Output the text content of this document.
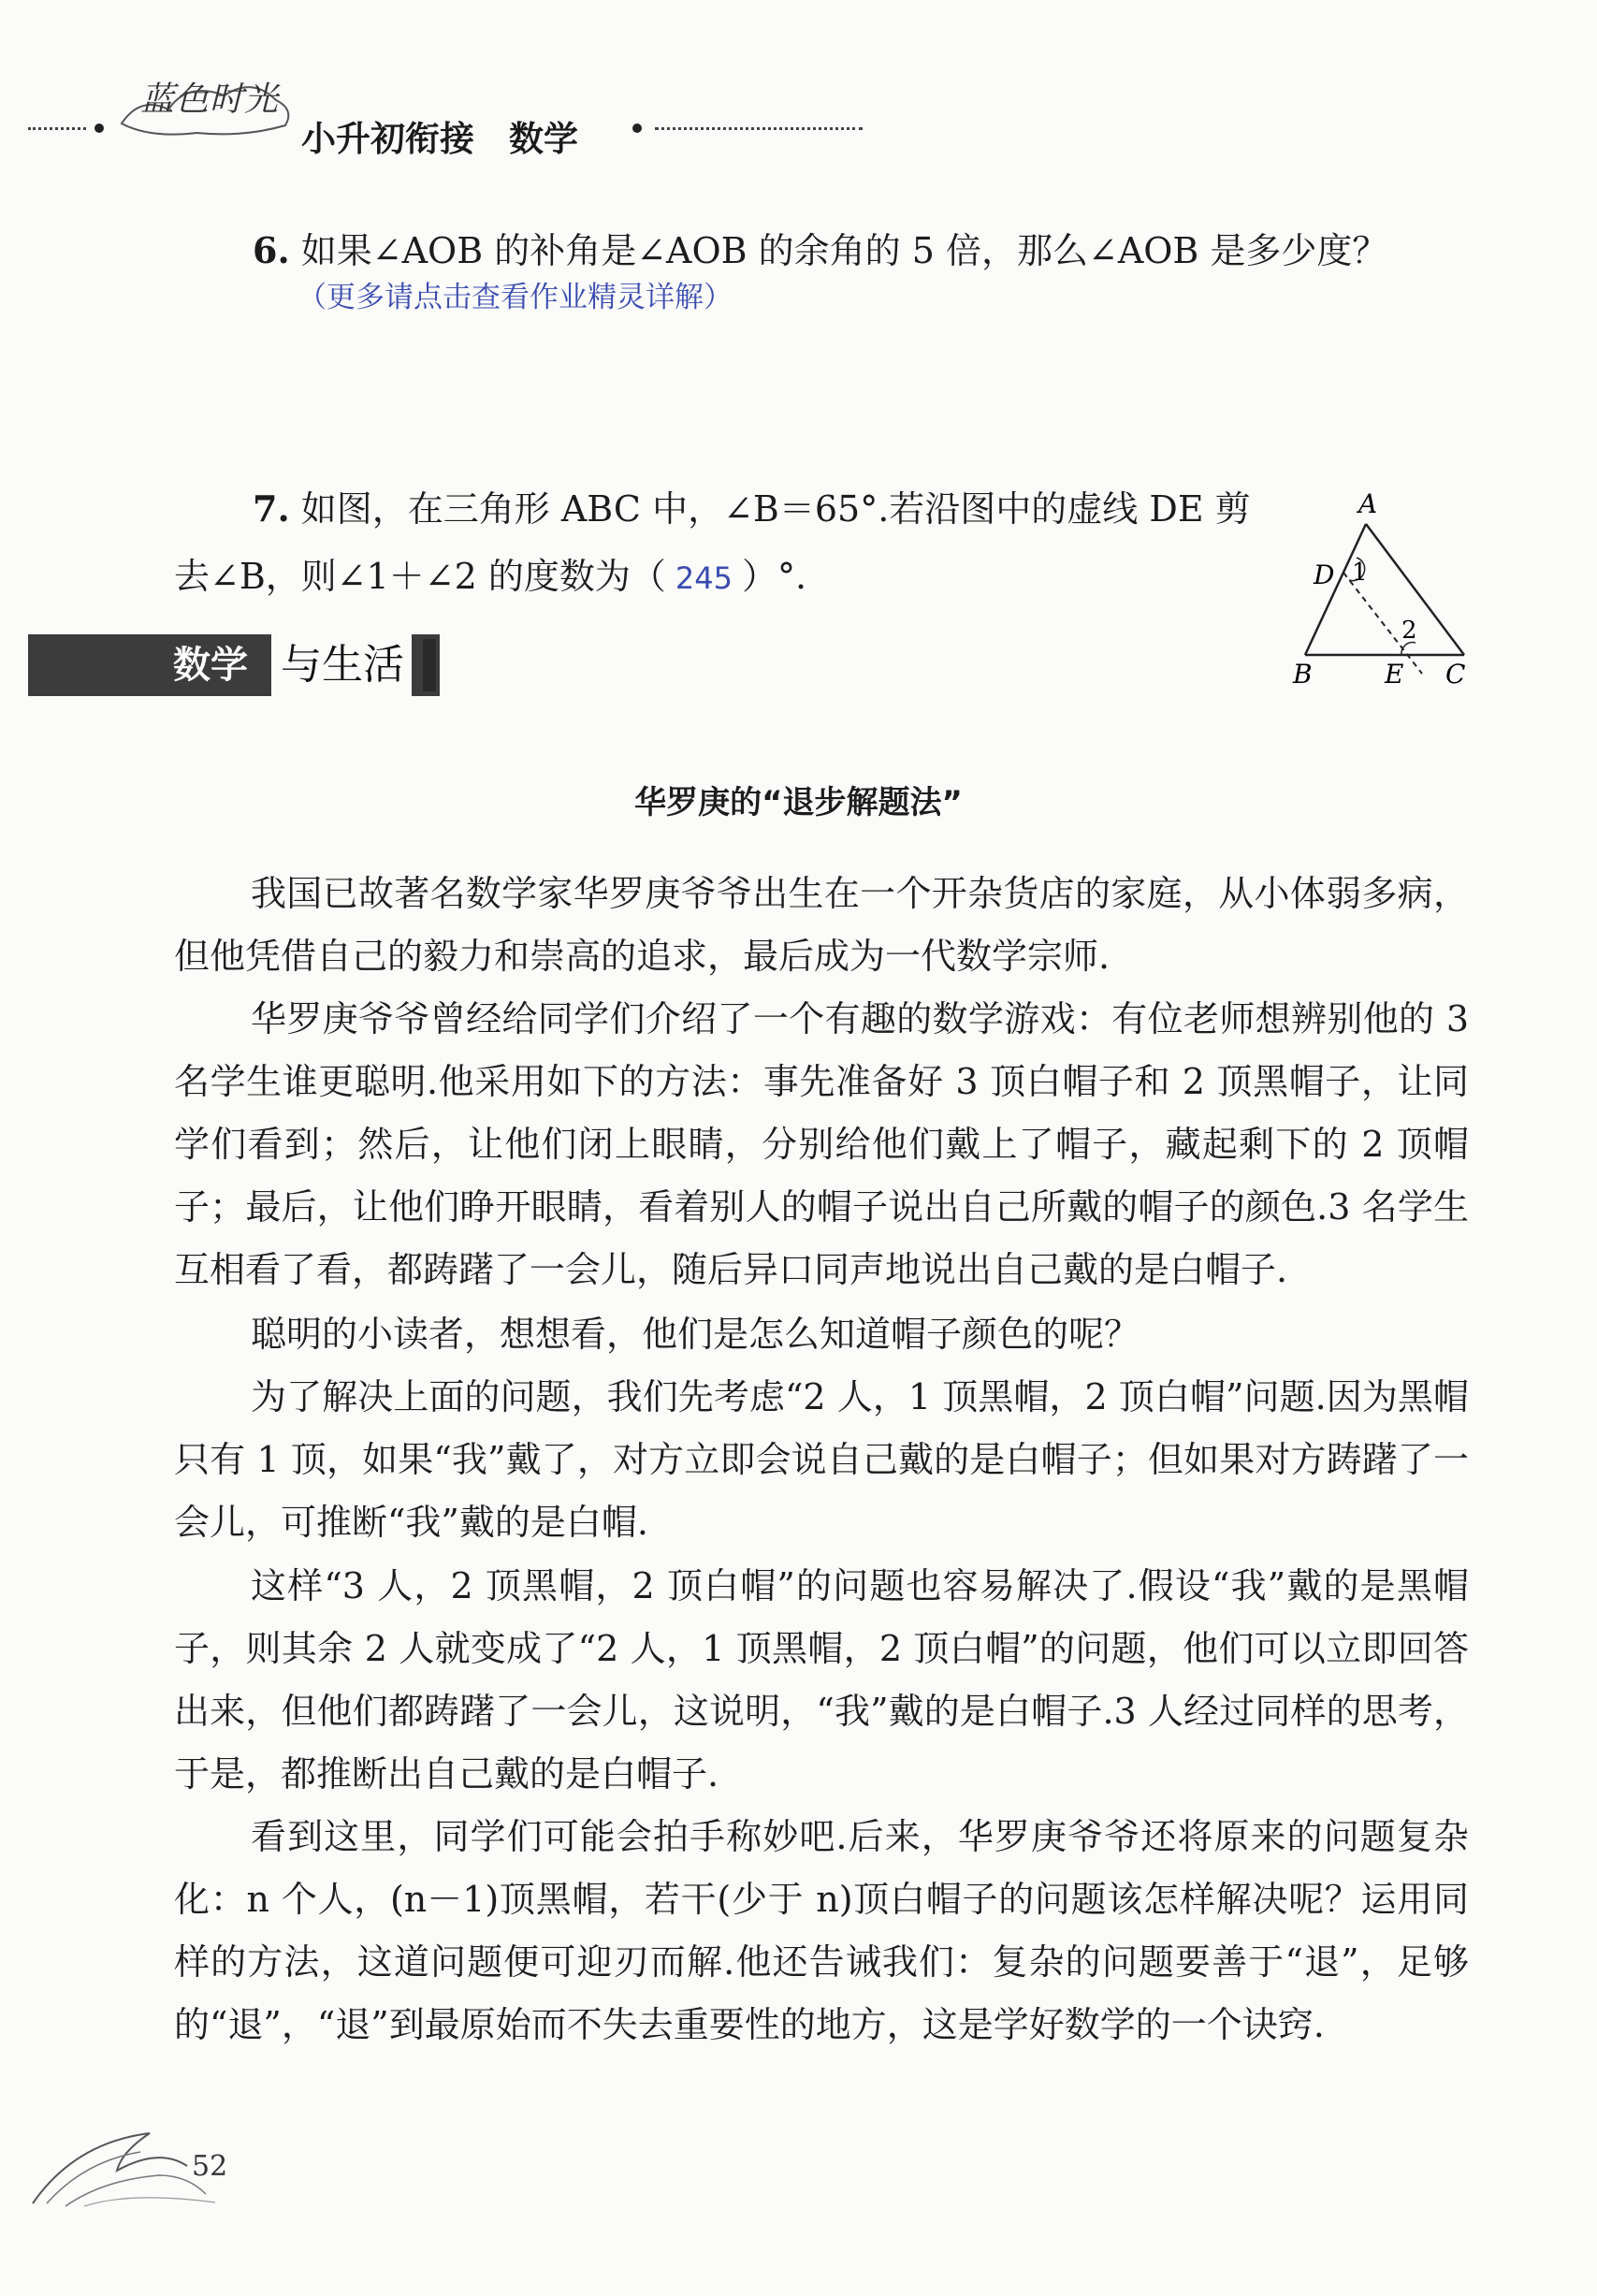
蓝色时光
小升初衔接　数学
6. 如果∠AOB 的补角是∠AOB 的余角的 5 倍，那么∠AOB 是多少度？
（更多请点击查看作业精灵详解）
7. 如图，在三角形 ABC 中，∠B＝65°.若沿图中的虚线 DE 剪
去∠B，则∠1＋∠2 的度数为（ 245 ）°.
A
D 1
2
B	E C
数学 与生活
华罗庚的“退步解题法”

我国已故著名数学家华罗庚爷爷出生在一个开杂货店的家庭，从小体弱多病，但他凭借自己的毅力和崇高的追求，最后成为一代数学宗师.

华罗庚爷爷曾经给同学们介绍了一个有趣的数学游戏：有位老师想辨别他的 3 名学生谁更聪明.他采用如下的方法：事先准备好 3 顶白帽子和 2 顶黑帽子，让同学们看到；然后，让他们闭上眼睛，分别给他们戴上了帽子，藏起剩下的 2 顶帽子；最后，让他们睁开眼睛，看着别人的帽子说出自己所戴的帽子的颜色.3 名学生互相看了看，都踌躇了一会儿，随后异口同声地说出自己戴的是白帽子.

聪明的小读者，想想看，他们是怎么知道帽子颜色的呢？

为了解决上面的问题，我们先考虑“2 人，1 顶黑帽，2 顶白帽”问题.因为黑帽只有 1 顶，如果“我”戴了，对方立即会说自己戴的是白帽子；但如果对方踌躇了一会儿，可推断“我”戴的是白帽.

这样“3 人，2 顶黑帽，2 顶白帽”的问题也容易解决了.假设“我”戴的是黑帽子，则其余 2 人就变成了“2 人，1 顶黑帽，2 顶白帽”的问题，他们可以立即回答出来，但他们都踌躇了一会儿，这说明，“我”戴的是白帽子.3 人经过同样的思考，于是，都推断出自己戴的是白帽子.

看到这里，同学们可能会拍手称妙吧.后来，华罗庚爷爷还将原来的问题复杂化：n 个人，(n－1)顶黑帽，若干(少于 n)顶白帽子的问题该怎样解决呢？运用同样的方法，这道问题便可迎刃而解.他还告诫我们：复杂的问题要善于“退”，足够的“退”，“退”到最原始而不失去重要性的地方，这是学好数学的一个诀窍.

52
